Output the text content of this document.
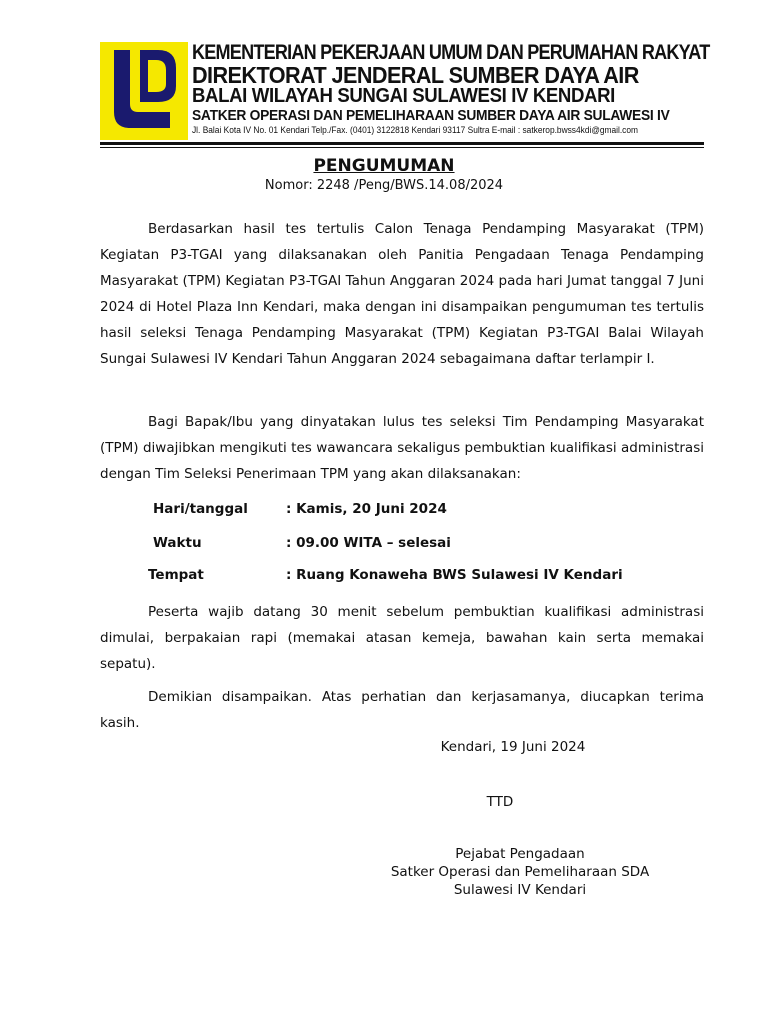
KEMENTERIAN PEKERJAAN UMUM DAN PERUMAHAN RAKYAT
DIREKTORAT JENDERAL SUMBER DAYA AIR
BALAI WILAYAH SUNGAI SULAWESI IV KENDARI
SATKER OPERASI DAN PEMELIHARAAN SUMBER DAYA AIR SULAWESI IV
Jl. Balai Kota IV No. 01 Kendari Telp./Fax. (0401) 3122818 Kendari 93117 Sultra E-mail : satkerop.bwss4kdi@gmail.com
PENGUMUMAN
Nomor: 2248 /Peng/BWS.14.08/2024

Berdasarkan hasil tes tertulis Calon Tenaga Pendamping Masyarakat (TPM) Kegiatan P3-TGAI yang dilaksanakan oleh Panitia Pengadaan Tenaga Pendamping Masyarakat (TPM) Kegiatan P3-TGAI Tahun Anggaran 2024 pada hari Jumat tanggal 7 Juni 2024 di Hotel Plaza Inn Kendari, maka dengan ini disampaikan pengumuman tes tertulis hasil seleksi Tenaga Pendamping Masyarakat (TPM) Kegiatan P3-TGAI Balai Wilayah Sungai Sulawesi IV Kendari Tahun Anggaran 2024 sebagaimana daftar terlampir I.

Bagi Bapak/Ibu yang dinyatakan lulus tes seleksi Tim Pendamping Masyarakat (TPM) diwajibkan mengikuti tes wawancara sekaligus pembuktian kualifikasi administrasi dengan Tim Seleksi Penerimaan TPM yang akan dilaksanakan:

Hari/tanggal	: Kamis, 20 Juni 2024
Waktu	: 09.00 WITA – selesai
Tempat	: Ruang Konaweha BWS Sulawesi IV Kendari

Peserta wajib datang 30 menit sebelum pembuktian kualifikasi administrasi dimulai, berpakaian rapi (memakai atasan kemeja, bawahan kain serta memakai sepatu).

Demikian disampaikan. Atas perhatian dan kerjasamanya, diucapkan terima kasih.

Kendari, 19 Juni 2024
TTD
Pejabat Pengadaan
Satker Operasi dan Pemeliharaan SDA
Sulawesi IV Kendari
